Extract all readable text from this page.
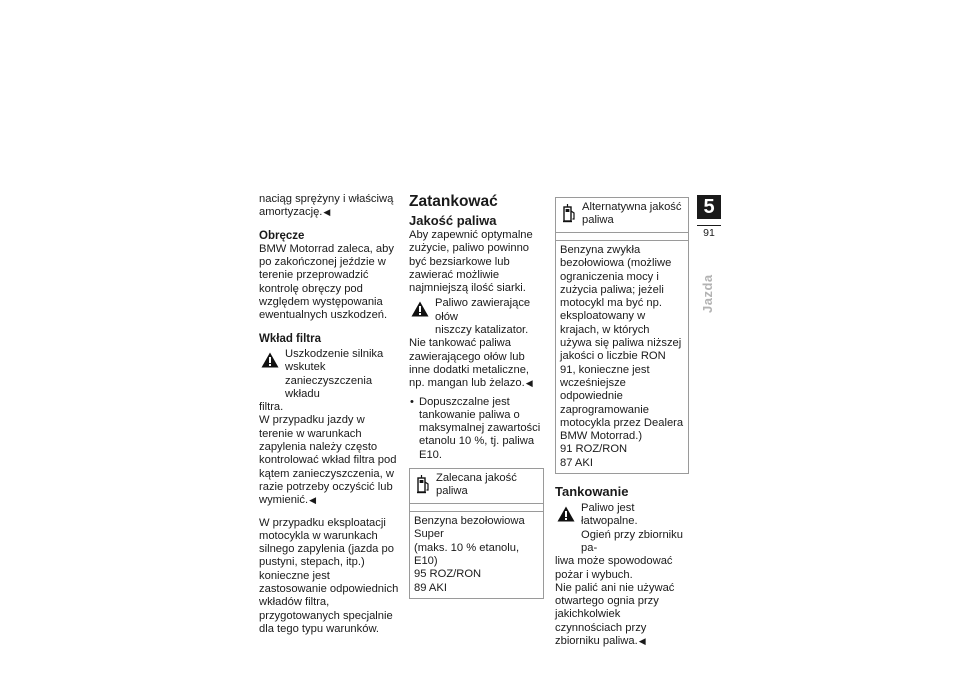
naciąg sprężyny i właściwą amortyzację.◀

Obręcze

BMW Motorrad zaleca, aby po zakończonej jeździe w terenie przeprowadzić kontrolę obręczy pod względem występowania ewentualnych uszkodzeń.

Wkład filtra

Uszkodzenie silnika wskutek

zanieczyszczenia wkładu

filtra.

W przypadku jazdy w terenie w warunkach zapylenia należy często kontrolować wkład filtra pod kątem zanieczyszczenia, w razie potrzeby oczyścić lub wymienić.◀

W przypadku eksploatacji motocykla w warunkach silnego zapylenia (jazda po pustyni, stepach, itp.) konieczne jest zastosowanie odpowiednich wkładów filtra, przygotowanych specjalnie dla tego typu warunków.

Zatankować

Jakość paliwa

Aby zapewnić optymalne zużycie, paliwo powinno być bezsiarkowe lub zawierać możliwie najmniejszą ilość siarki.

Paliwo zawierające ołów

niszczy katalizator.

Nie tankować paliwa zawierającego ołów lub inne dodatki metaliczne, np. mangan lub żelazo.◀

• Dopuszczalne jest tankowanie paliwa o maksymalnej zawartości etanolu 10 %, tj. paliwa E10.

Zalecana jakość paliwa

Benzyna bezołowiowa Super

(maks. 10 % etanolu, E10)

95 ROZ/RON

89 AKI

Alternatywna jakość paliwa

Benzyna zwykła bezołowiowa (możliwe ograniczenia mocy i zużycia paliwa; jeżeli motocykl ma być np. eksploatowany w krajach, w których używa się paliwa niższej jakości o liczbie RON 91, konieczne jest wcześniejsze odpowiednie zaprogramowanie motocykla przez Dealera BMW Motorrad.)

91 ROZ/RON

87 AKI

Tankowanie

Paliwo jest łatwopalne.

Ogień przy zbiorniku pa-

liwa może spowodować pożar i wybuch.

Nie palić ani nie używać otwartego ognia przy jakichkolwiek czynnościach przy zbiorniku paliwa.◀

5
91
Jazda
